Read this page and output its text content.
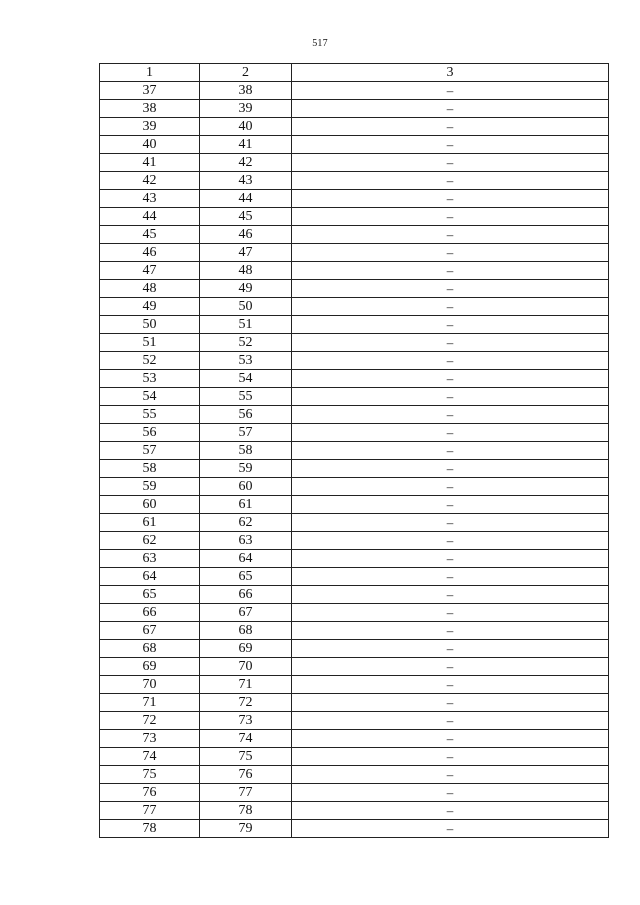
517
1	2	3
37	38	–
38	39	–
39	40	–
40	41	–
41	42	–
42	43	–
43	44	–
44	45	–
45	46	–
46	47	–
47	48	–
48	49	–
49	50	–
50	51	–
51	52	–
52	53	–
53	54	–
54	55	–
55	56	–
56	57	–
57	58	–
58	59	–
59	60	–
60	61	–
61	62	–
62	63	–
63	64	–
64	65	–
65	66	–
66	67	–
67	68	–
68	69	–
69	70	–
70	71	–
71	72	–
72	73	–
73	74	–
74	75	–
75	76	–
76	77	–
77	78	–
78	79	–
